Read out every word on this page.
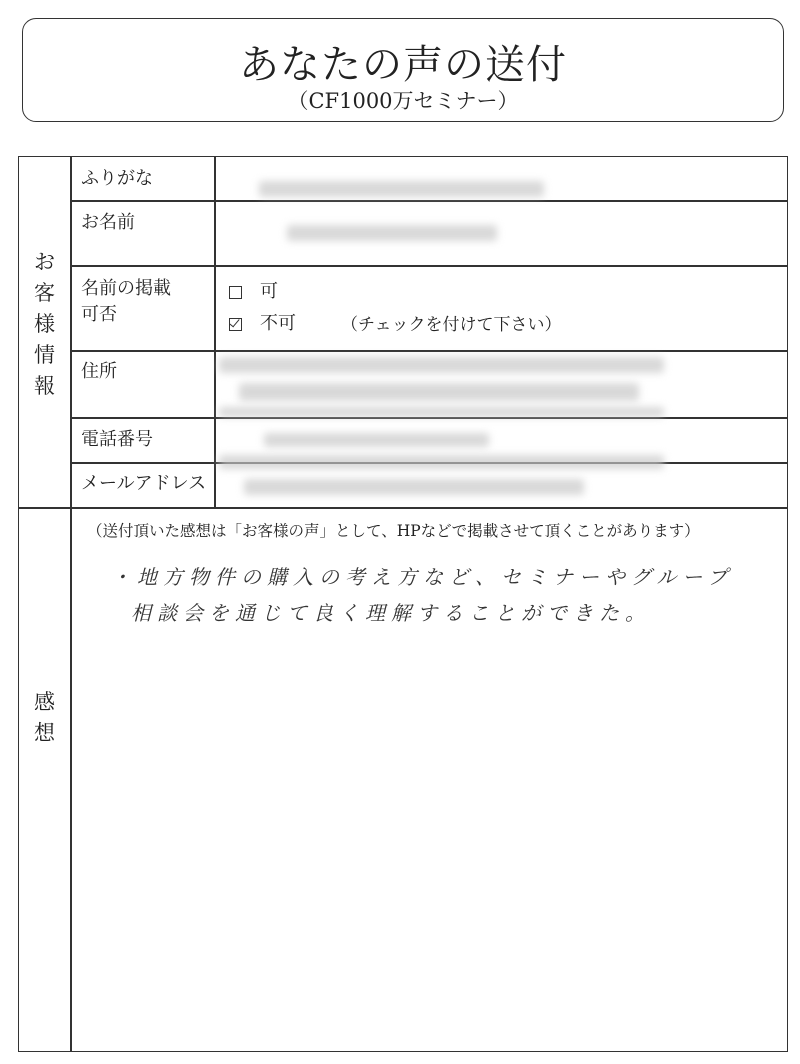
あなたの声の送付
（CF1000万セミナー）
お
客
様
情
報
ふりがな
お名前
名前の掲載
可否
住所
電話番号
メールアドレス
可
不可	（チェックを付けて下さい）
感
想
（送付頂いた感想は「お客様の声」として、HPなどで掲載させて頂くことがあります）
・地方物件の購入の考え方など、セミナーやグループ
相談会を通じて良く理解することができた。
